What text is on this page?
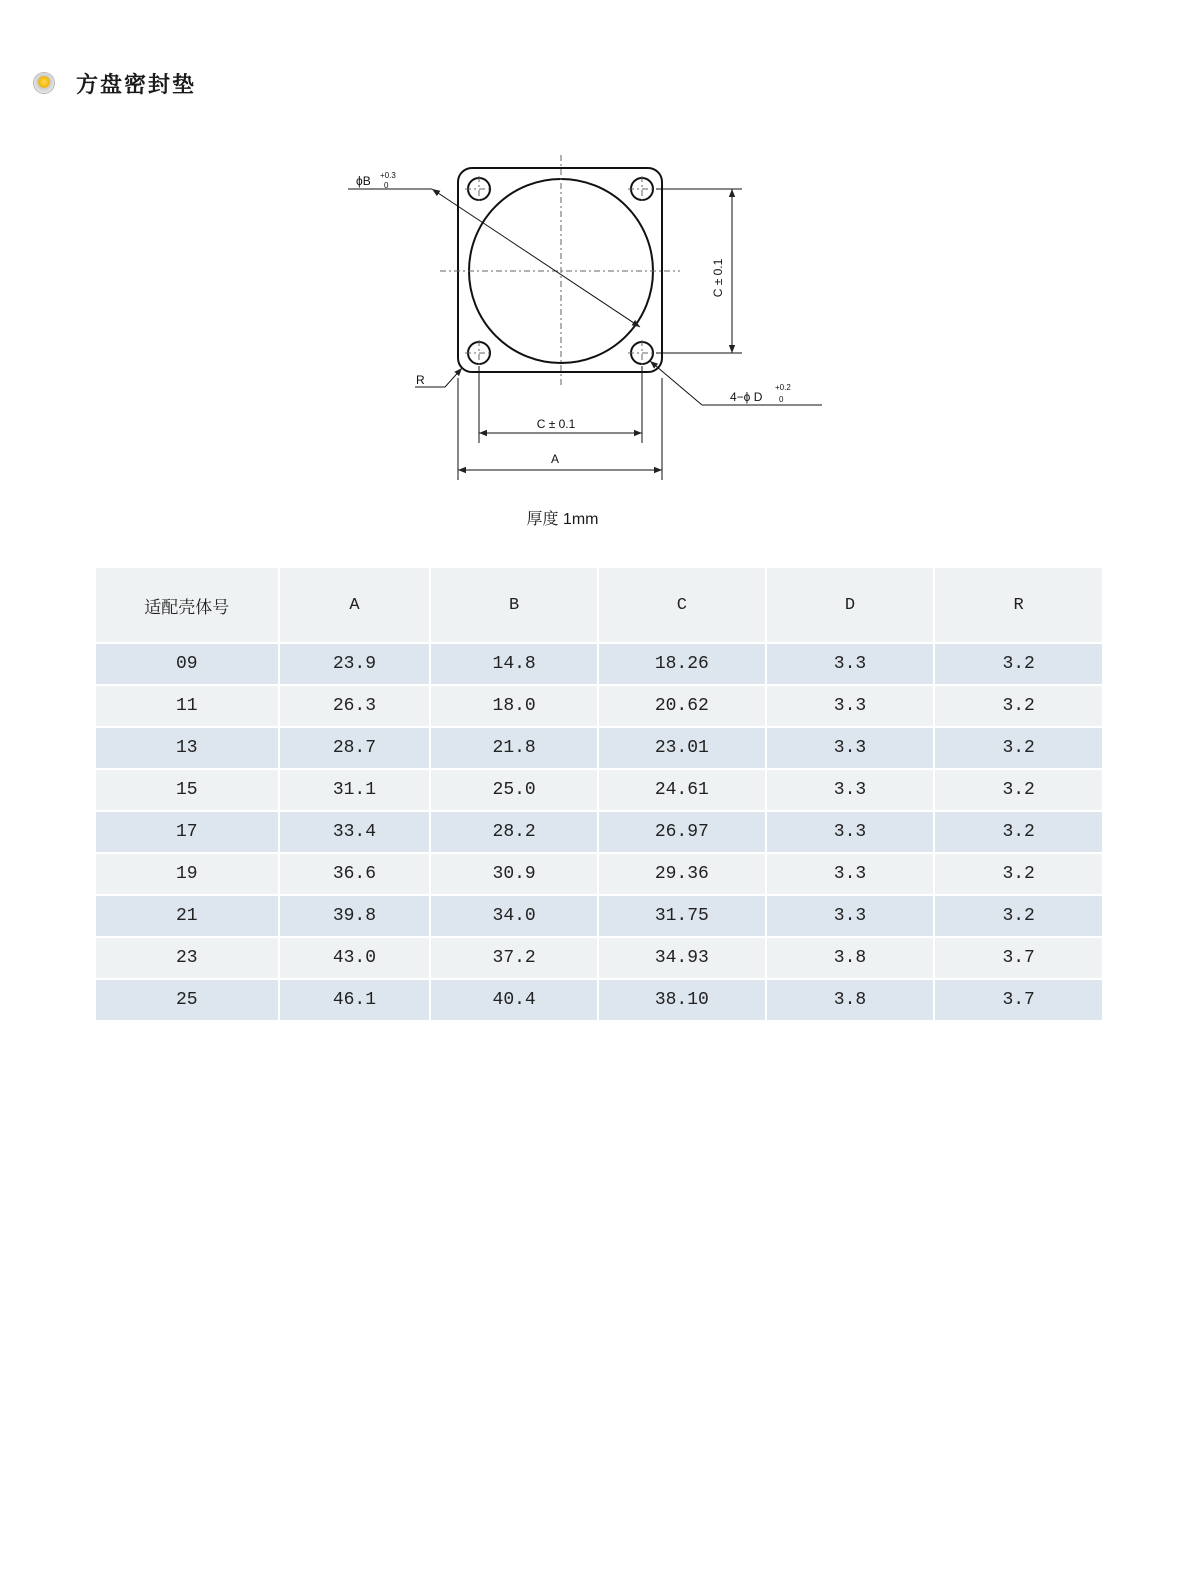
方盘密封垫
ϕB +0.3
0
C ± 0.1
R
4−ϕ D
+0.2
0
C ± 0.1
A
厚度 1mm
适配壳体号	A	B	C	D	R
09	23.9	14.8	18.26	3.3	3.2
11	26.3	18.0	20.62	3.3	3.2
13	28.7	21.8	23.01	3.3	3.2
15	31.1	25.0	24.61	3.3	3.2
17	33.4	28.2	26.97	3.3	3.2
19	36.6	30.9	29.36	3.3	3.2
21	39.8	34.0	31.75	3.3	3.2
23	43.0	37.2	34.93	3.8	3.7
25	46.1	40.4	38.10	3.8	3.7
